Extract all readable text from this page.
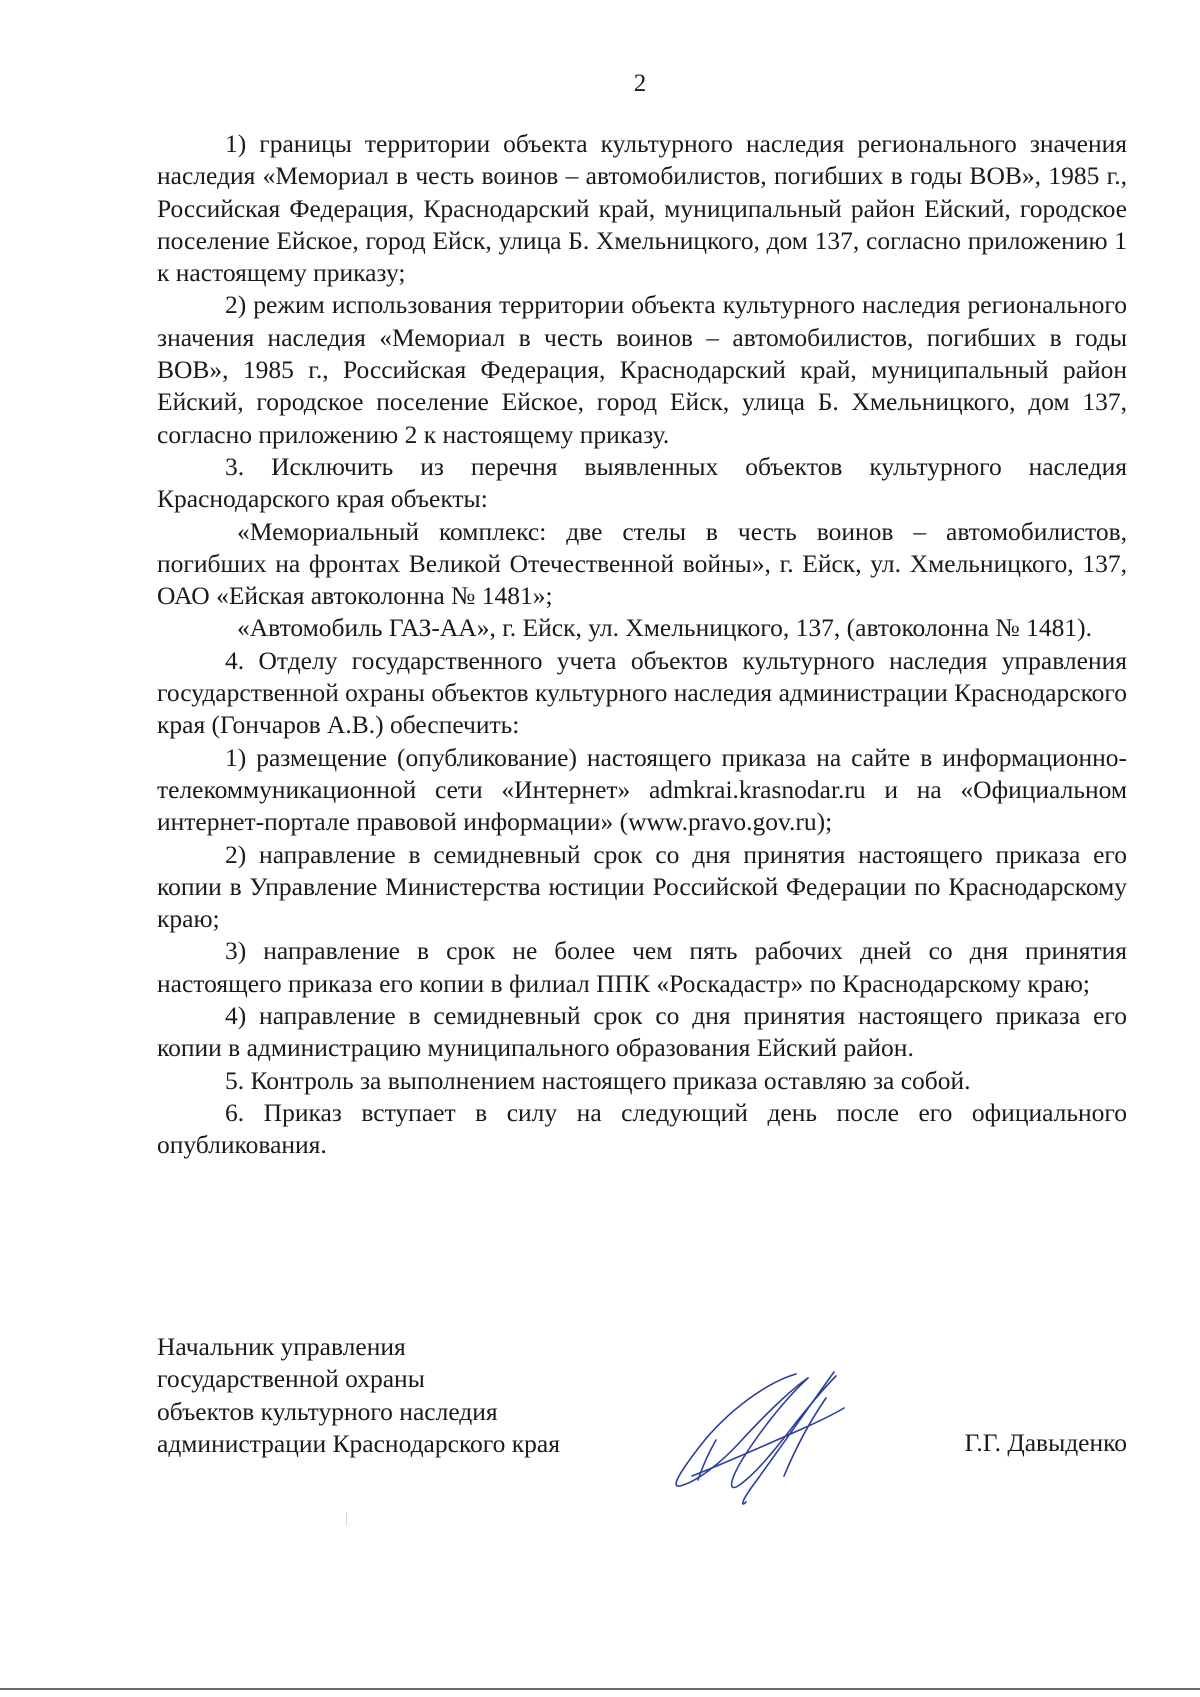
2

1) границы территории объекта культурного наследия регионального значения наследия «Мемориал в честь воинов – автомобилистов, погибших в годы ВОВ», 1985 г., Российская Федерация, Краснодарский край, муниципальный район Ейский, городское поселение Ейское, город Ейск, улица Б. Хмельницкого, дом 137, согласно приложению 1 к настоящему приказу;

2) режим использования территории объекта культурного наследия регионального значения наследия «Мемориал в честь воинов – автомобилистов, погибших в годы ВОВ», 1985 г., Российская Федерация, Краснодарский край, муниципальный район Ейский, городское поселение Ейское, город Ейск, улица Б. Хмельницкого, дом 137, согласно приложению 2 к настоящему приказу.

3. Исключить из перечня выявленных объектов культурного наследия Краснодарского края объекты:

«Мемориальный комплекс: две стелы в честь воинов – автомобилистов, погибших на фронтах Великой Отечественной войны», г. Ейск, ул. Хмельницкого, 137, ОАО «Ейская автоколонна № 1481»;

«Автомобиль ГАЗ-АА», г. Ейск, ул. Хмельницкого, 137, (автоколонна № 1481).

4. Отделу государственного учета объектов культурного наследия управления государственной охраны объектов культурного наследия администрации Краснодарского края (Гончаров А.В.) обеспечить:

1) размещение (опубликование) настоящего приказа на сайте в информационно-телекоммуникационной сети «Интернет» admkrai.krasnodar.ru и на «Официальном интернет-портале правовой информации» (www.pravo.gov.ru);

2) направление в семидневный срок со дня принятия настоящего приказа его копии в Управление Министерства юстиции Российской Федерации по Краснодарскому краю;

3) направление в срок не более чем пять рабочих дней со дня принятия настоящего приказа его копии в филиал ППК «Роскадастр» по Краснодарскому краю;

4) направление в семидневный срок со дня принятия настоящего приказа его копии в администрацию муниципального образования Ейский район.

5. Контроль за выполнением настоящего приказа оставляю за собой.

6. Приказ вступает в силу на следующий день после его официального опубликования.

Начальник управления
государственной охраны
объектов культурного наследия
администрации Краснодарского края	Г.Г. Давыденко
